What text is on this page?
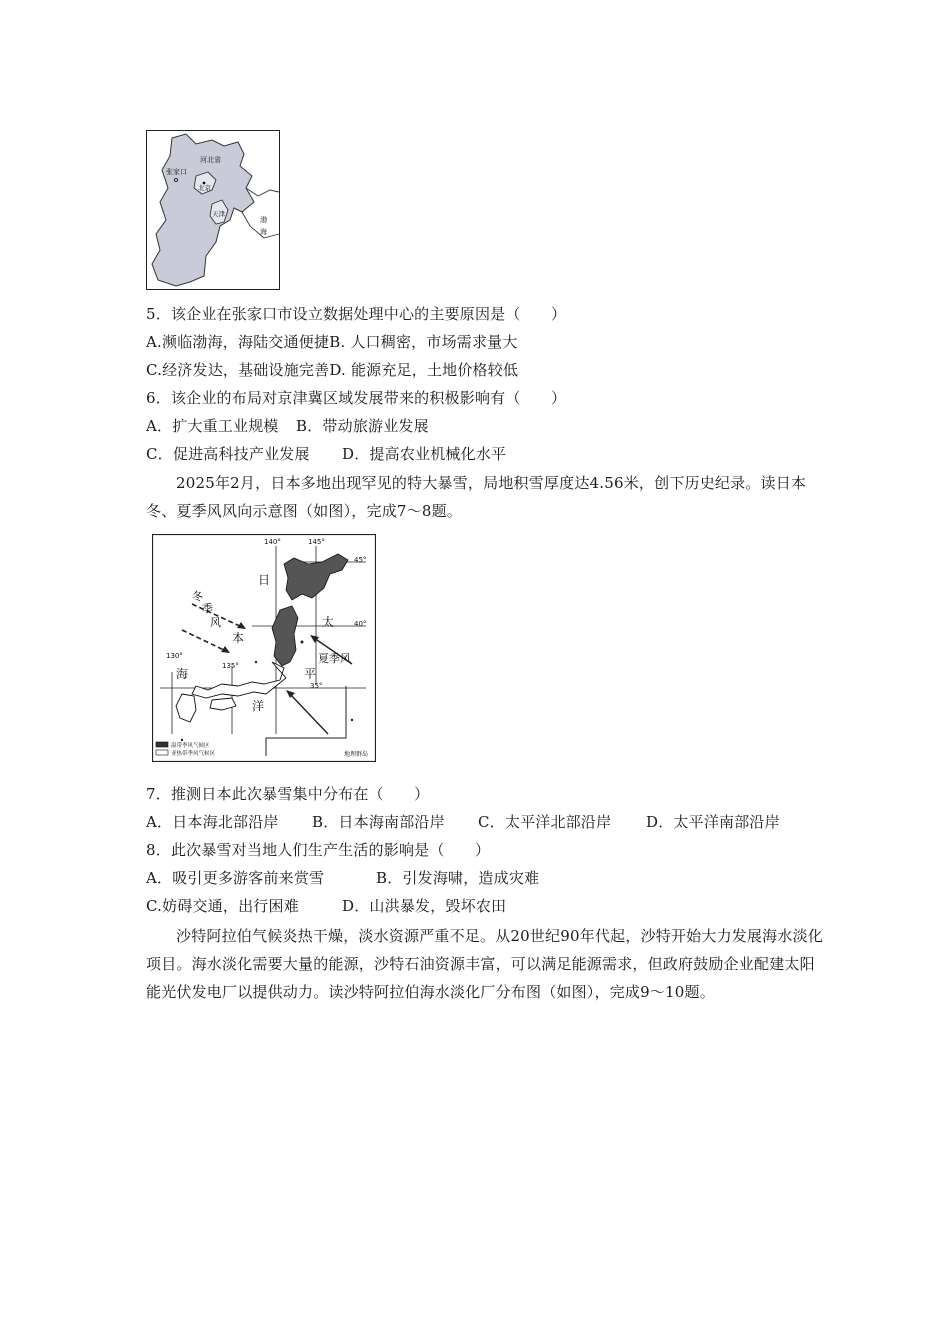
河北省
张家口
北京
天津
渤
海
5．该企业在张家口市设立数据处理中心的主要原因是（　　）
A.濒临渤海，海陆交通便捷B. 人口稠密，市场需求量大
C.经济发达，基础设施完善D. 能源充足，土地价格较低
6．该企业的布局对京津冀区域发展带来的积极影响有（　　）
A．扩大重工业规模 B．带动旅游业发展
C．促进高科技产业发展 D．提高农业机械化水平
2025年2月，日本多地出现罕见的特大暴雪，局地积雪厚度达4.56米，创下历史纪录。读日本冬、夏季风风向示意图（如图），完成7～8题。
140°	145°
130°
135°
45°
40°
35°
日
本
海
太
平
洋
冬
季
风
夏季风
温带季风气候区
亚热带季风气候区	地理群岛
7．推测日本此次暴雪集中分布在（　　）
A．日本海北部沿岸 B．日本海南部沿岸 C．太平洋北部沿岸 D．太平洋南部沿岸
8．此次暴雪对当地人们生产生活的影响是（　　）
A．吸引更多游客前来赏雪	B．引发海啸，造成灾难
C.妨碍交通，出行困难	D．山洪暴发，毁坏农田
沙特阿拉伯气候炎热干燥，淡水资源严重不足。从20世纪90年代起，沙特开始大力发展海水淡化项目。海水淡化需要大量的能源，沙特石油资源丰富，可以满足能源需求，但政府鼓励企业配建太阳能光伏发电厂以提供动力。读沙特阿拉伯海水淡化厂分布图（如图），完成9～10题。
